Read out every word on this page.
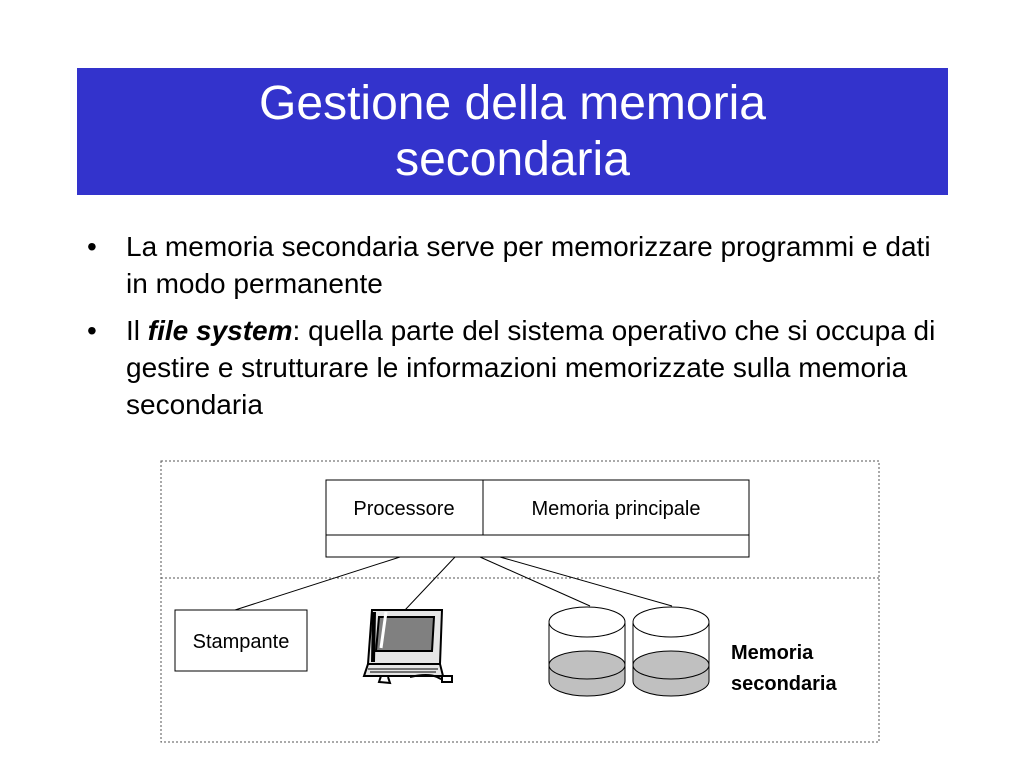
Gestione della memoria
secondaria
• La memoria secondaria serve per memorizzare programmi e dati in modo permanente
• Il file system: quella parte del sistema operativo che si occupa di gestire e strutturare le informazioni memorizzate sulla memoria secondaria
Processore	Memoria principale
Stampante	Memoria
secondaria
